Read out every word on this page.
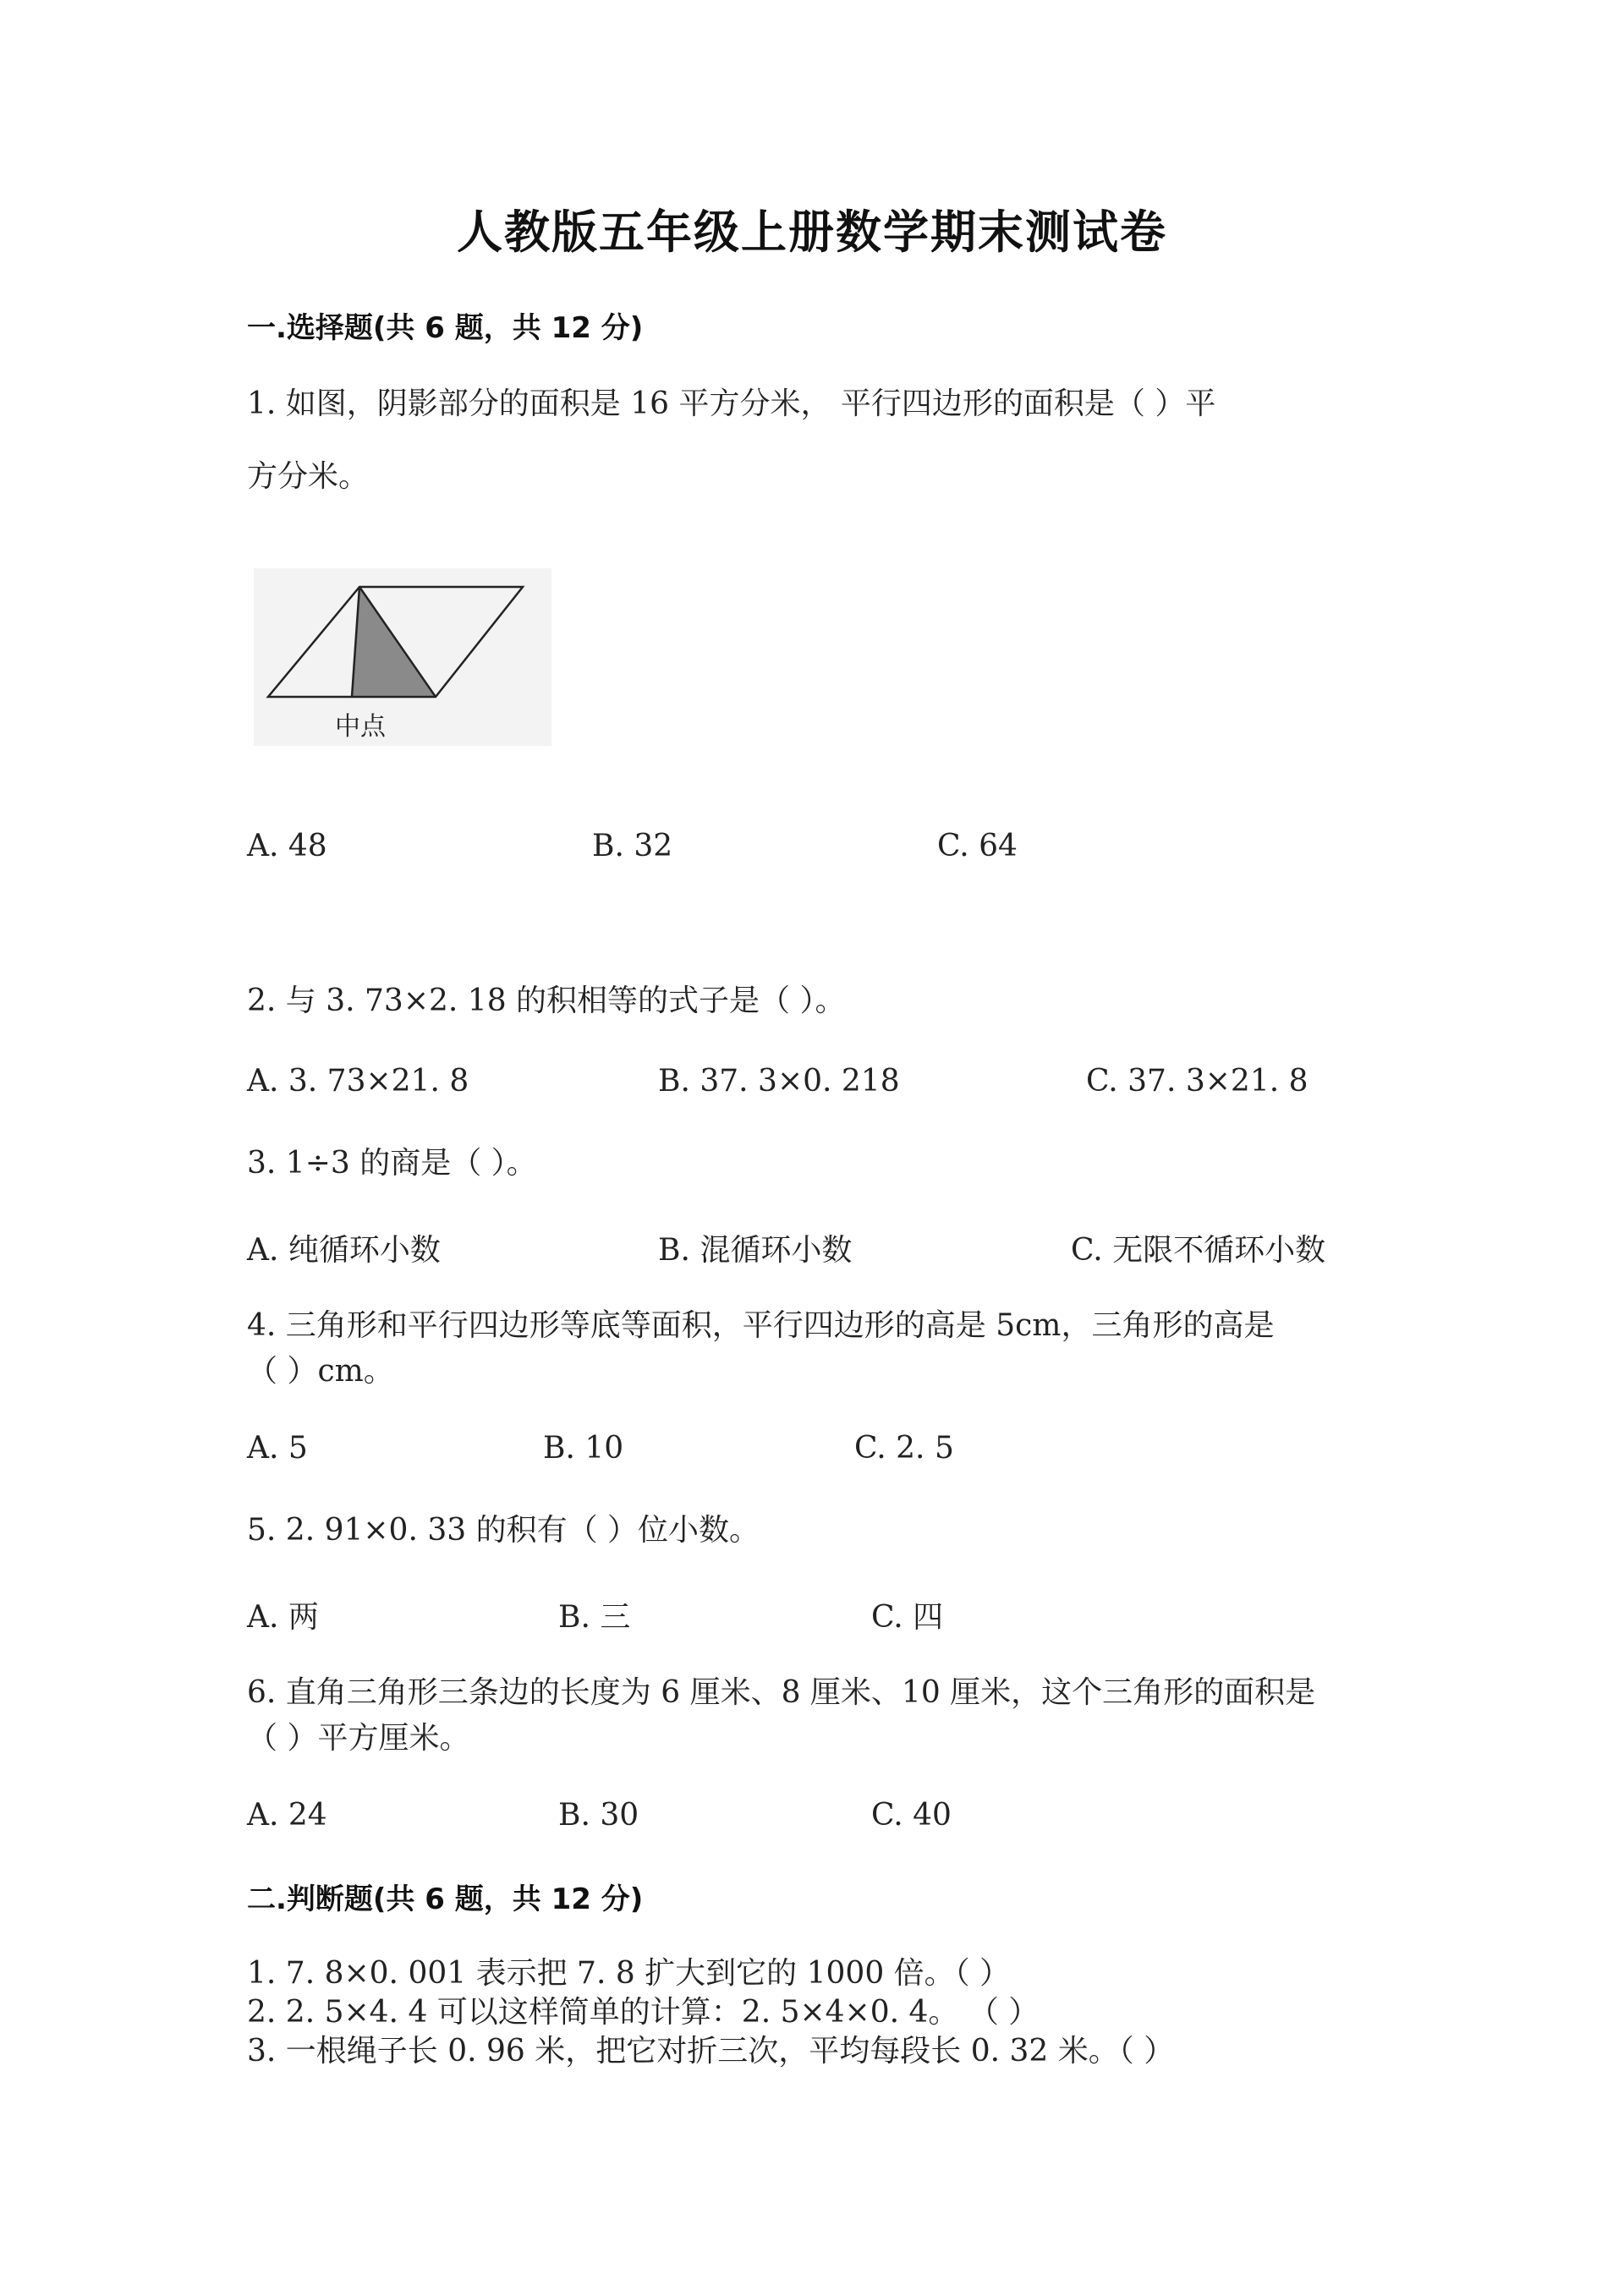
人教版五年级上册数学期末测试卷
一.选择题(共 6 题，共 12 分)
1. 如图，阴影部分的面积是 16 平方分米， 平行四边形的面积是（ ）平
方分米。
中点
A. 48	B. 32	C. 64
2. 与 3. 73×2. 18 的积相等的式子是（ ）。
A. 3. 73×21. 8	B. 37. 3×0. 218	C. 37. 3×21. 8
3. 1÷3 的商是（ ）。
A. 纯循环小数	B. 混循环小数	C. 无限不循环小数
4. 三角形和平行四边形等底等面积，平行四边形的高是 5cm，三角形的高是
（ ）cm。
A. 5	B. 10	C. 2. 5
5. 2. 91×0. 33 的积有（ ）位小数。
A. 两	B. 三	C. 四
6. 直角三角形三条边的长度为 6 厘米、8 厘米、10 厘米，这个三角形的面积是
（ ）平方厘米。
A. 24	B. 30	C. 40
二.判断题(共 6 题，共 12 分)
1. 7. 8×0. 001 表示把 7. 8 扩大到它的 1000 倍。（ ）
2. 2. 5×4. 4 可以这样简单的计算：2. 5×4×0. 4。 （ ）
3. 一根绳子长 0. 96 米，把它对折三次，平均每段长 0. 32 米。（ ）
